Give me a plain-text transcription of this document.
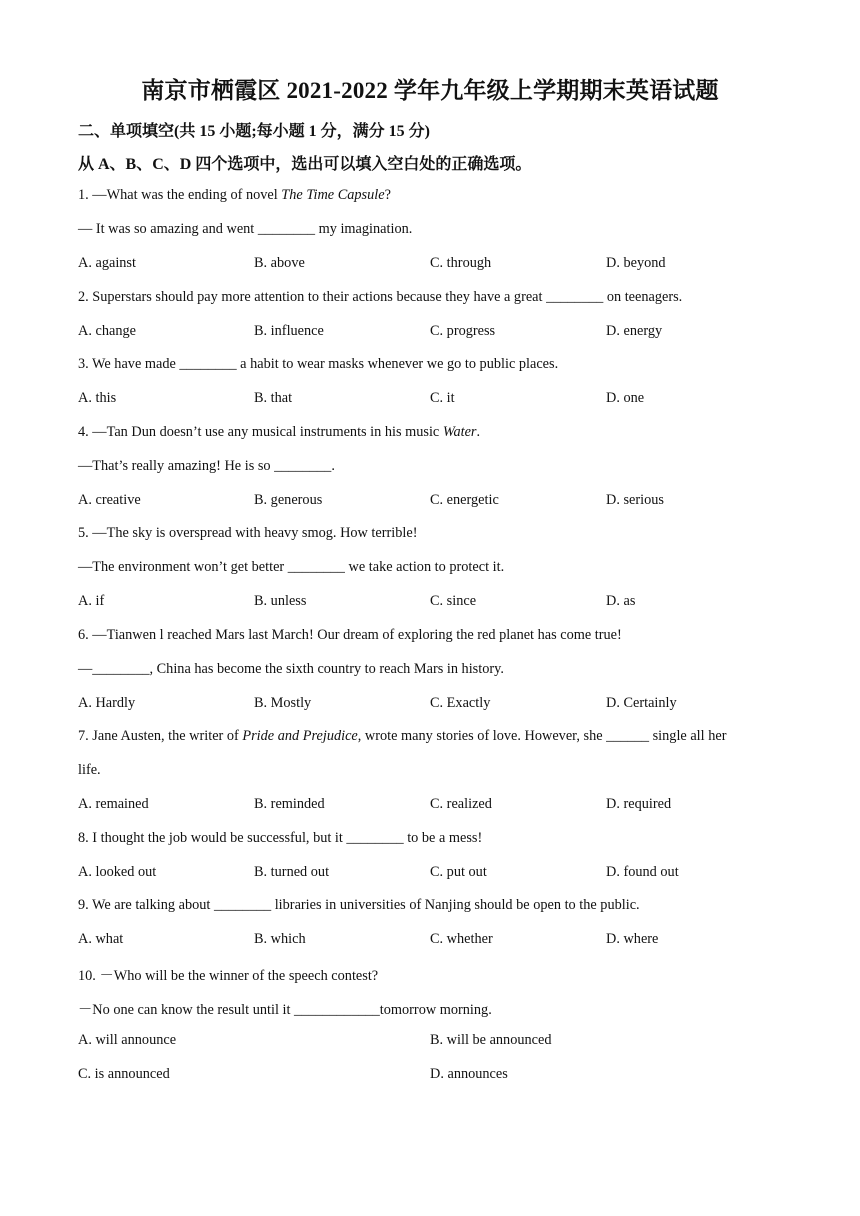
南京市栖霞区 2021-2022 学年九年级上学期期末英语试题
二、单项填空(共 15 小题;每小题 1 分，满分 15 分)
从 A、B、C、D 四个选项中，选出可以填入空白处的正确选项。
1. —What was the ending of novel The Time Capsule?
— It was so amazing and went ________ my imagination.
A. against	B. above	C. through	D. beyond
2. Superstars should pay more attention to their actions because they have a great ________ on teenagers.
A. change	B. influence	C. progress	D. energy
3. We have made ________ a habit to wear masks whenever we go to public places.
A. this	B. that	C. it	D. one
4. —Tan Dun doesn’t use any musical instruments in his music Water.
—That’s really amazing! He is so ________.
A. creative	B. generous	C. energetic	D. serious
5. —The sky is overspread with heavy smog. How terrible!
—The environment won’t get better ________ we take action to protect it.
A. if	B. unless	C. since	D. as
6. —Tianwen l reached Mars last March! Our dream of exploring the red planet has come true!
—________, China has become the sixth country to reach Mars in history.
A. Hardly	B. Mostly	C. Exactly	D. Certainly
7. Jane Austen, the writer of Pride and Prejudice, wrote many stories of love. However, she ______ single all her
life.
A. remained	B. reminded	C. realized	D. required
8. I thought the job would be successful, but it ________ to be a mess!
A. looked out	B. turned out	C. put out	D. found out
9. We are talking about ________ libraries in universities of Nanjing should be open to the public.
A. what	B. which	C. whether	D. where
10. －Who will be the winner of the speech contest?
－No one can know the result until it ____________tomorrow morning.
A. will announce	B. will be announced
C. is announced	D. announces
